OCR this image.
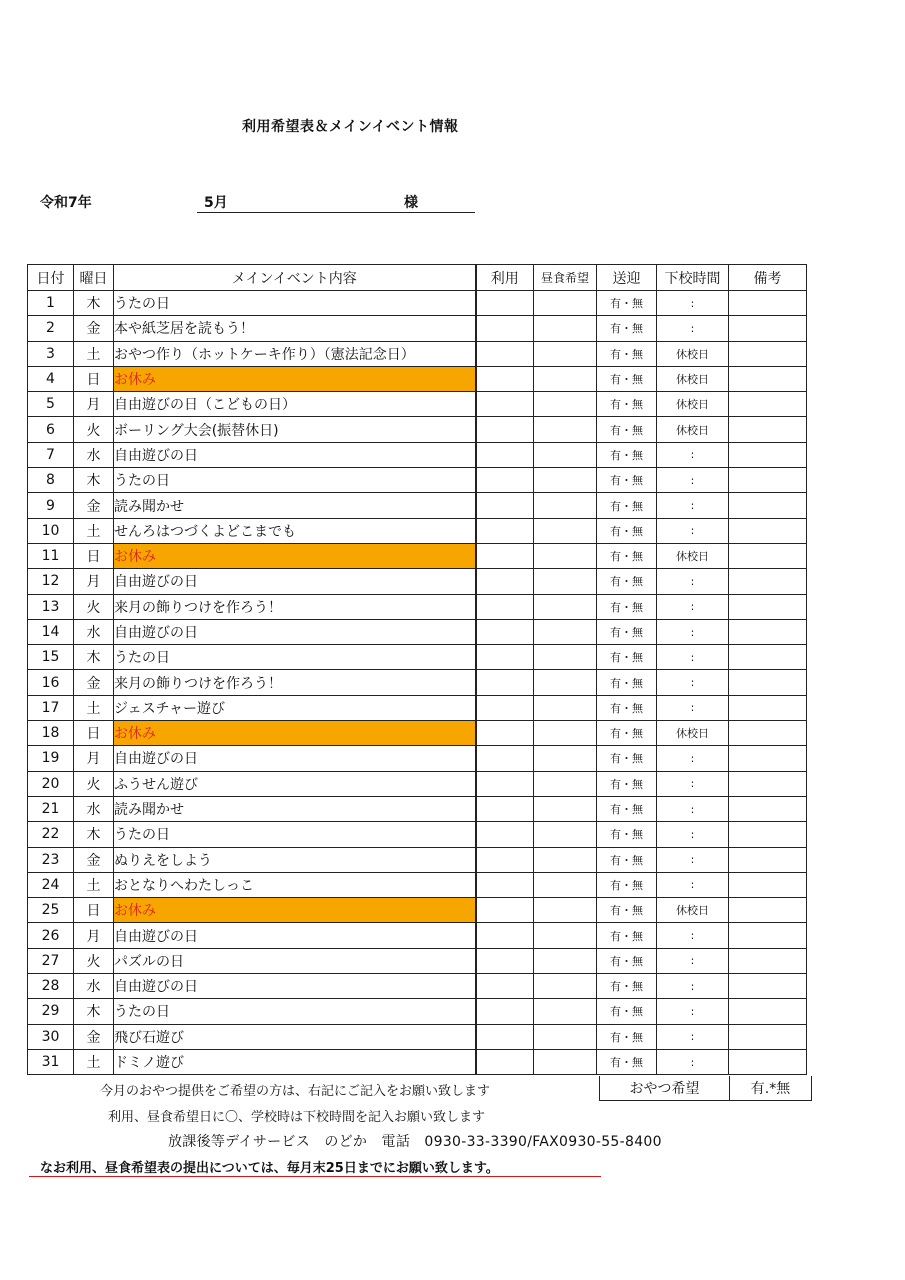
利用希望表＆メインイベント情報
令和7年	5月	様
日付	曜日	メインイベント内容	利用	昼食希望	送迎	下校時間	備考
1	木	うたの日			有・無	:	
2	金	本や紙芝居を読もう！			有・無	:	
3	土	おやつ作り（ホットケーキ作り）（憲法記念日）			有・無	休校日	
4	日	お休み			有・無	休校日	
5	月	自由遊びの日（こどもの日）			有・無	休校日	
6	火	ボーリング大会(振替休日)			有・無	休校日	
7	水	自由遊びの日			有・無	:	
8	木	うたの日			有・無	:	
9	金	読み聞かせ			有・無	:	
10	土	せんろはつづくよどこまでも			有・無	:	
11	日	お休み			有・無	休校日	
12	月	自由遊びの日			有・無	:	
13	火	来月の飾りつけを作ろう！			有・無	:	
14	水	自由遊びの日			有・無	:	
15	木	うたの日			有・無	:	
16	金	来月の飾りつけを作ろう！			有・無	:	
17	土	ジェスチャー遊び			有・無	:	
18	日	お休み			有・無	休校日	
19	月	自由遊びの日			有・無	:	
20	火	ふうせん遊び			有・無	:	
21	水	読み聞かせ			有・無	:	
22	木	うたの日			有・無	:	
23	金	ぬりえをしよう			有・無	:	
24	土	おとなりへわたしっこ			有・無	:	
25	日	お休み			有・無	休校日	
26	月	自由遊びの日			有・無	:	
27	火	パズルの日			有・無	:	
28	水	自由遊びの日			有・無	:	
29	木	うたの日			有・無	:	
30	金	飛び石遊び			有・無	:	
31	土	ドミノ遊び			有・無	:	
今月のおやつ提供をご希望の方は、右記にご記入をお願い致します	おやつ希望	有.*無
利用、昼食希望日に〇、学校時は下校時間を記入お願い致します
放課後等デイサービス　のどか　電話　0930-33-3390/FAX0930-55-8400
なお利用、昼食希望表の提出については、毎月末25日までにお願い致します。
